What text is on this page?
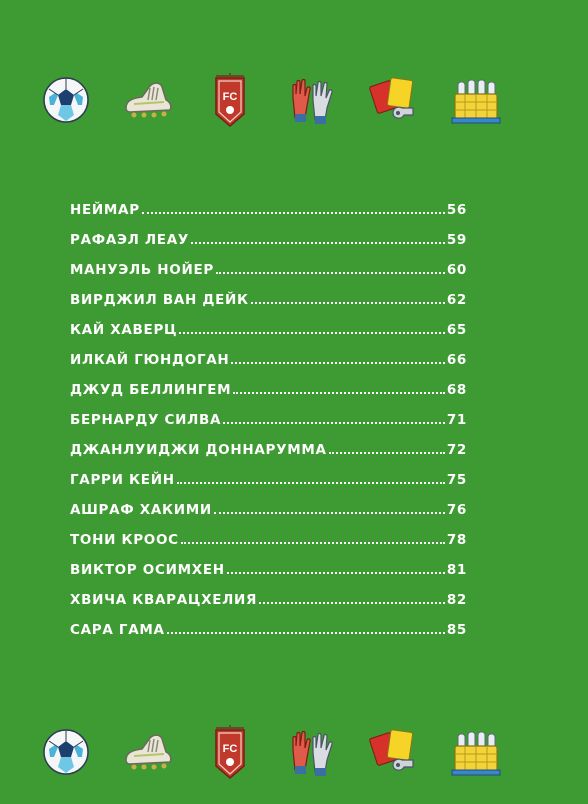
FC
НЕЙМАР	56
РАФАЭЛ ЛЕАУ	59
МАНУЭЛЬ НОЙЕР	60
ВИРДЖИЛ ВАН ДЕЙК	62
КАЙ ХАВЕРЦ	65
ИЛКАЙ ГЮНДОГАН	66
ДЖУД БЕЛЛИНГЕМ	68
БЕРНАРДУ СИЛВА	71
ДЖАНЛУИДЖИ ДОННАРУММА	72
ГАРРИ КЕЙН	75
АШРАФ ХАКИМИ	76
ТОНИ КРООС	78
ВИКТОР ОСИМХЕН	81
ХВИЧА КВАРАЦХЕЛИЯ	82
САРА ГАМА	85
FC
